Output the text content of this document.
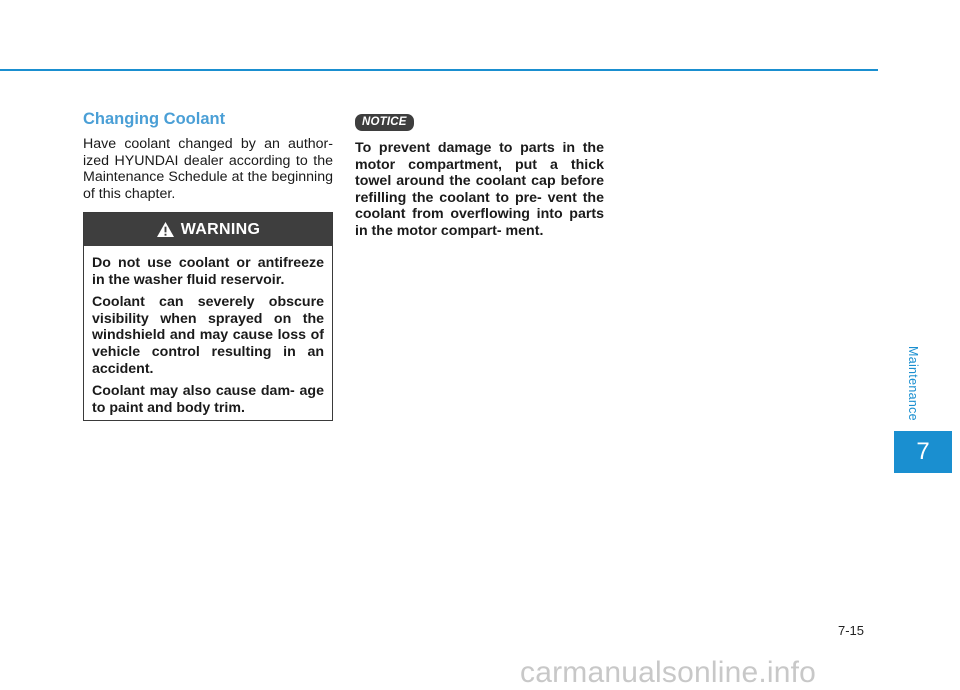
Changing Coolant

Have coolant changed by an author- ized HYUNDAI dealer according to the Maintenance Schedule at the beginning of this chapter.

WARNING

Do not use coolant or antifreeze in the washer fluid reservoir.

Coolant can severely obscure visibility when sprayed on the windshield and may cause loss of vehicle control resulting in an accident.

Coolant may also cause dam- age to paint and body trim.

NOTICE

To prevent damage to parts in the motor compartment, put a thick towel around the coolant cap before refilling the coolant to pre- vent the coolant from overflowing into parts in the motor compart- ment.

Maintenance
7
7-15
carmanualsonline.info
